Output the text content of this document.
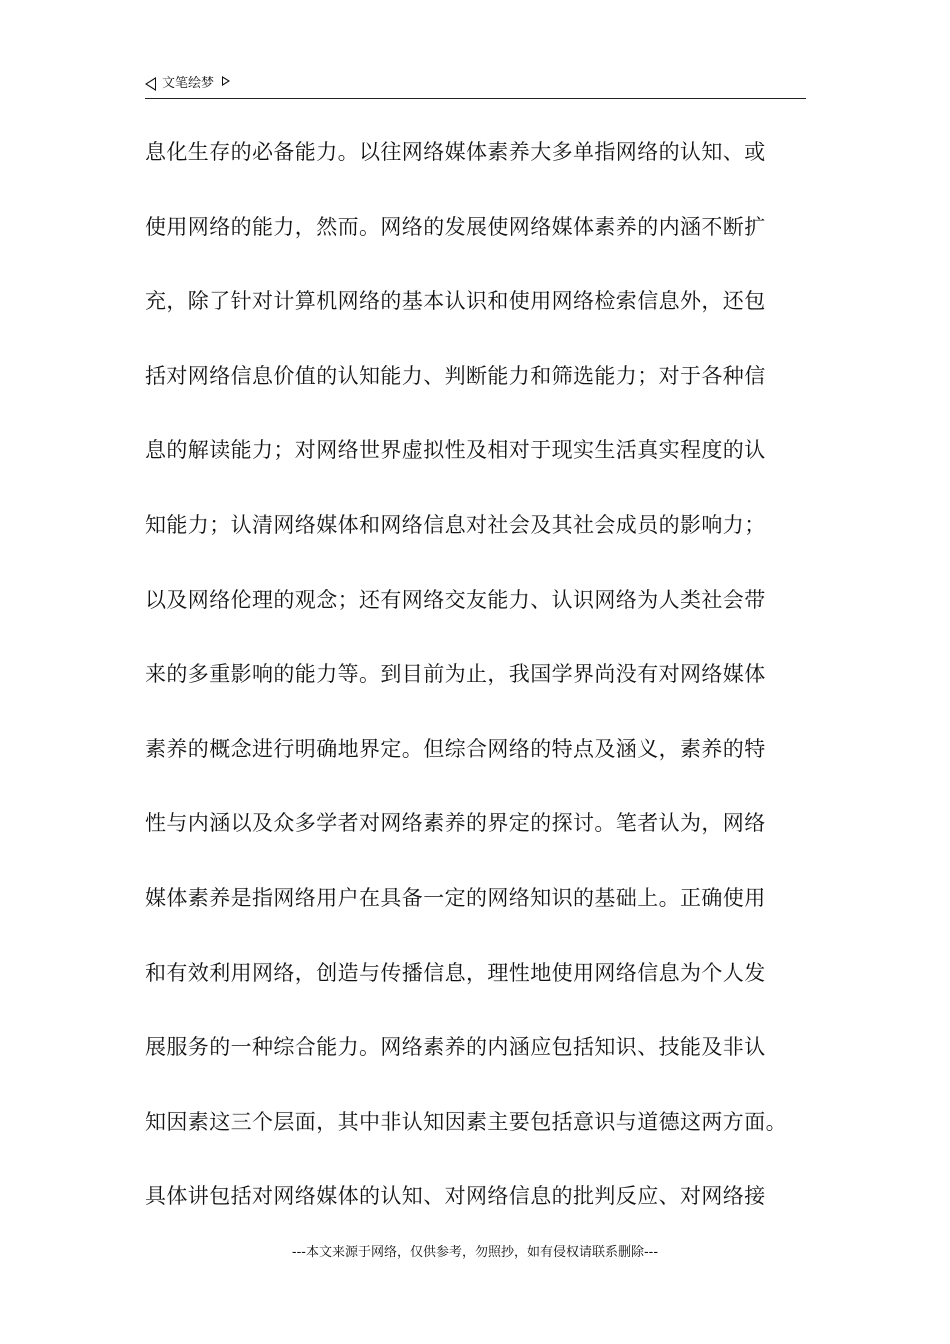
文笔绘梦
息化生存的必备能力。以往网络媒体素养大多单指网络的认知、或
使用网络的能力，然而。网络的发展使网络媒体素养的内涵不断扩
充，除了针对计算机网络的基本认识和使用网络检索信息外，还包
括对网络信息价值的认知能力、判断能力和筛选能力；对于各种信
息的解读能力；对网络世界虚拟性及相对于现实生活真实程度的认
知能力；认清网络媒体和网络信息对社会及其社会成员的影响力；
以及网络伦理的观念；还有网络交友能力、认识网络为人类社会带
来的多重影响的能力等。到目前为止，我国学界尚没有对网络媒体
素养的概念进行明确地界定。但综合网络的特点及涵义，素养的特
性与内涵以及众多学者对网络素养的界定的探讨。笔者认为，网络
媒体素养是指网络用户在具备一定的网络知识的基础上。正确使用
和有效利用网络，创造与传播信息，理性地使用网络信息为个人发
展服务的一种综合能力。网络素养的内涵应包括知识、技能及非认
知因素这三个层面，其中非认知因素主要包括意识与道德这两方面。
具体讲包括对网络媒体的认知、对网络信息的批判反应、对网络接
---本文来源于网络，仅供参考，勿照抄，如有侵权请联系删除---
